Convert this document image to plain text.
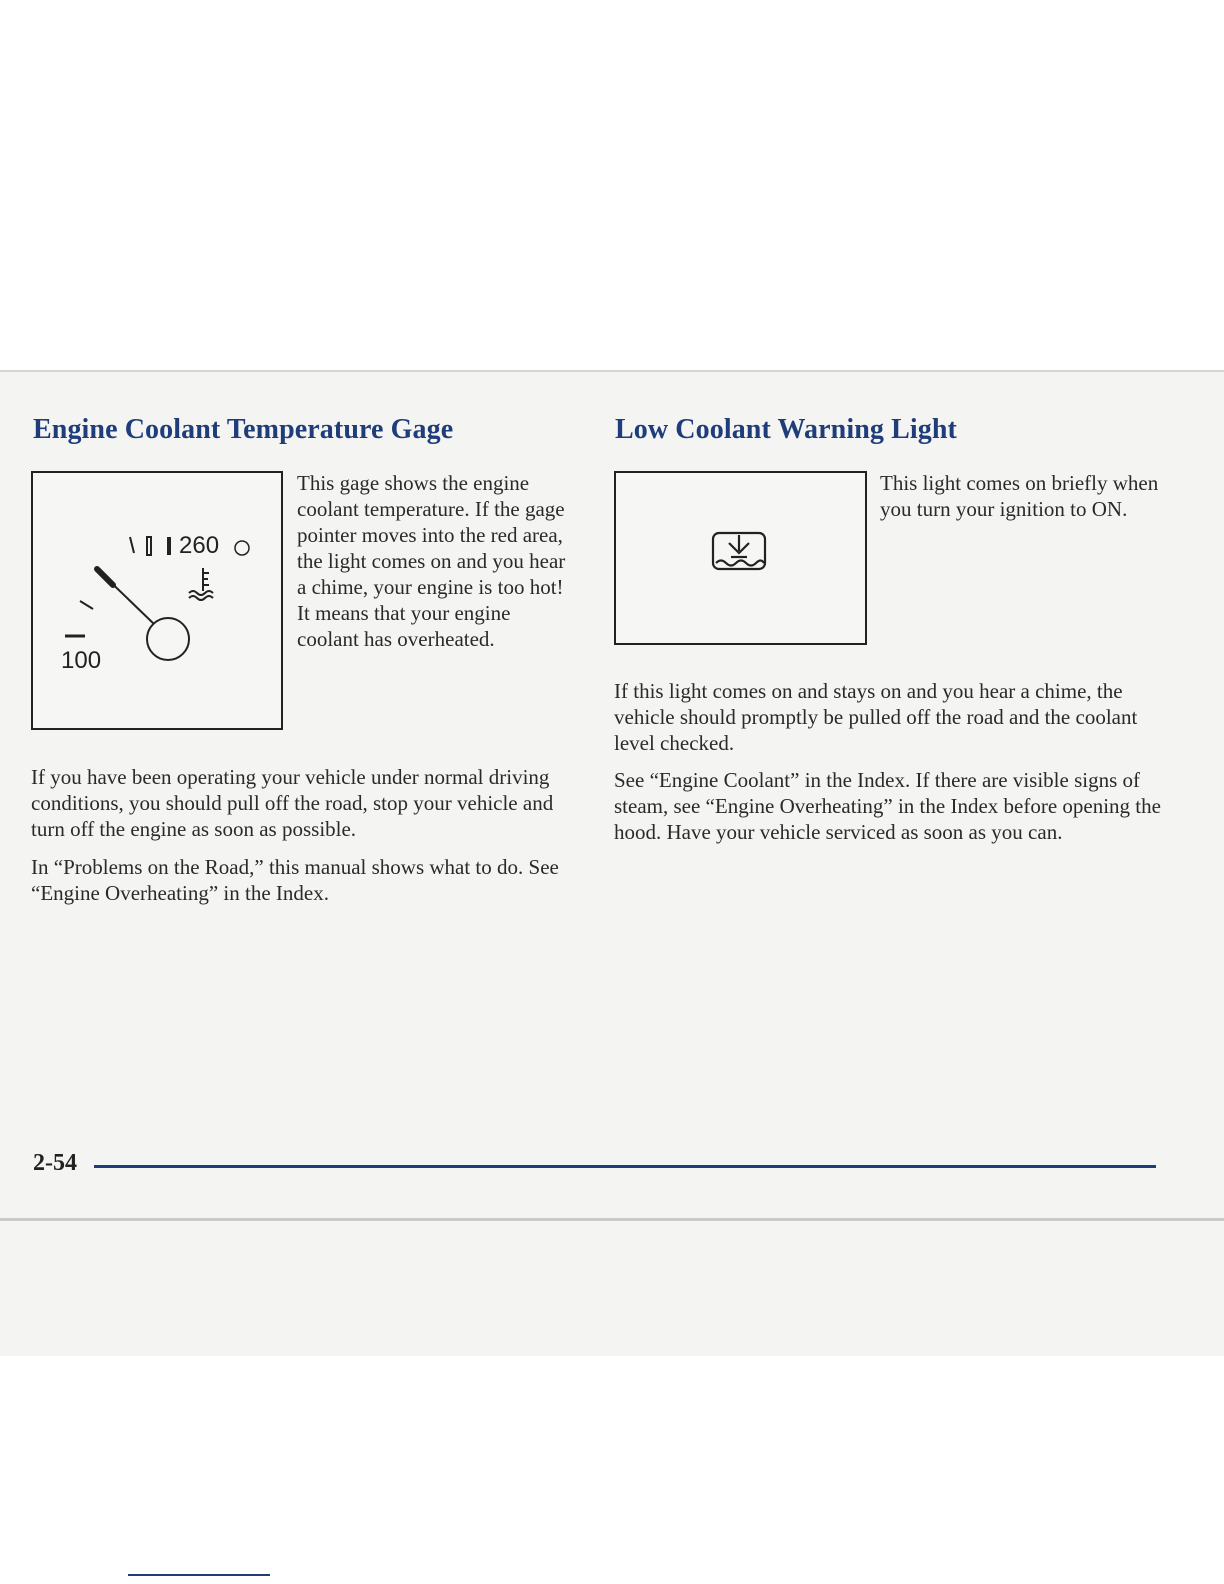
Engine Coolant Temperature Gage
260
100

This gage shows the engine coolant temperature. If the gage pointer moves into the red area, the light comes on and you hear a chime, your engine is too hot! It means that your engine coolant has overheated.

If you have been operating your vehicle under normal driving conditions, you should pull off the road, stop your vehicle and turn off the engine as soon as possible.

In “Problems on the Road,” this manual shows what to do. See “Engine Overheating” in the Index.

Low Coolant Warning Light

This light comes on briefly when you turn your ignition to ON.

If this light comes on and stays on and you hear a chime, the vehicle should promptly be pulled off the road and the coolant level checked.

See “Engine Coolant” in the Index. If there are visible signs of steam, see “Engine Overheating” in the Index before opening the hood. Have your vehicle serviced as soon as you can.

2-54
